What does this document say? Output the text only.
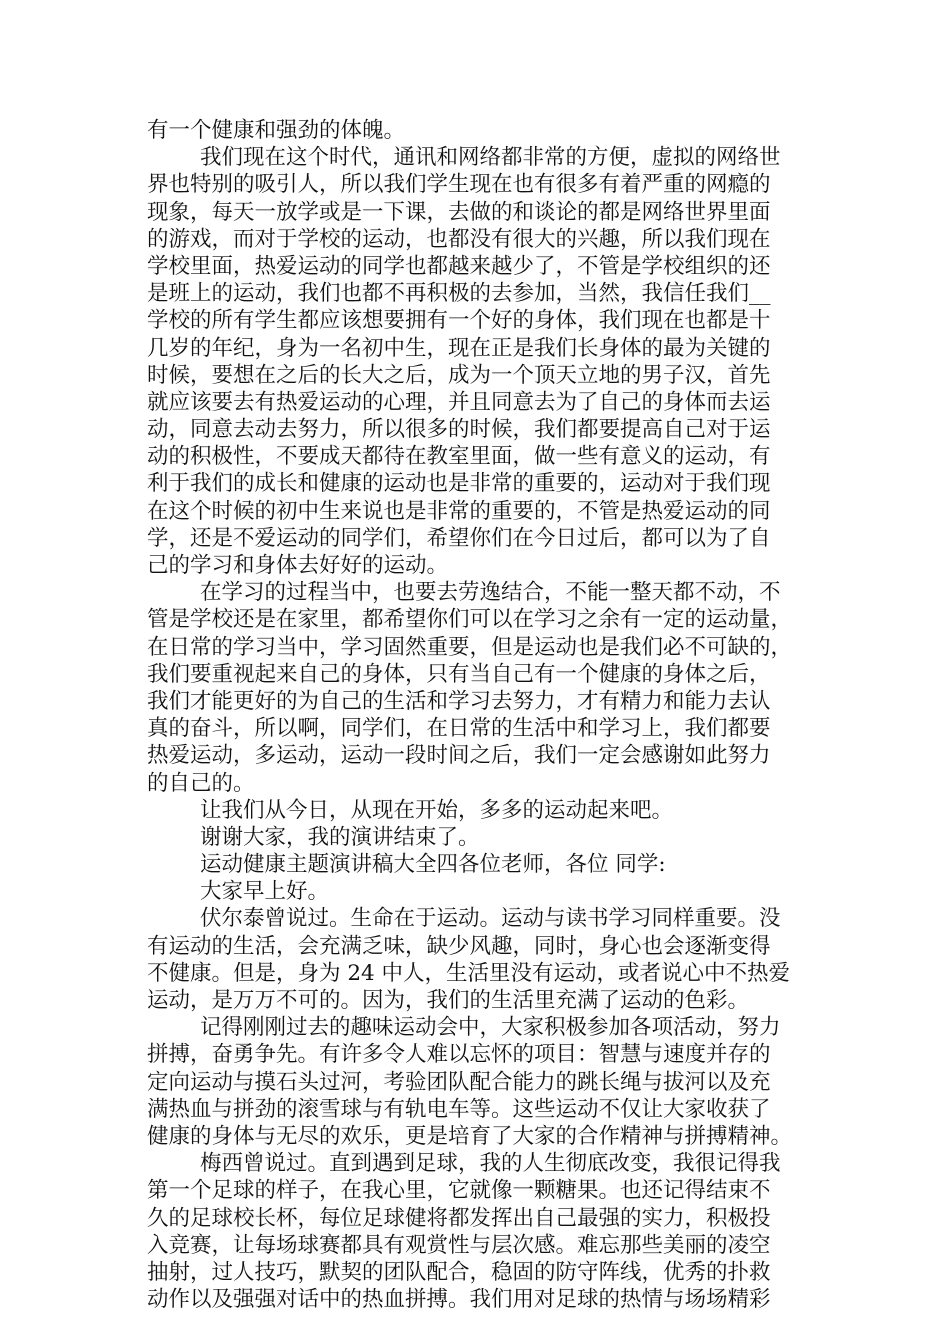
有一个健康和强劲的体魄。
我们现在这个时代，通讯和网络都非常的方便，虚拟的网络世
界也特别的吸引人，所以我们学生现在也有很多有着严重的网瘾的
现象，每天一放学或是一下课，去做的和谈论的都是网络世界里面
的游戏，而对于学校的运动，也都没有很大的兴趣，所以我们现在
学校里面，热爱运动的同学也都越来越少了，不管是学校组织的还
是班上的运动，我们也都不再积极的去参加，当然，我信任我们__
学校的所有学生都应该想要拥有一个好的身体，我们现在也都是十
几岁的年纪，身为一名初中生，现在正是我们长身体的最为关键的
时候，要想在之后的长大之后，成为一个顶天立地的男子汉，首先
就应该要去有热爱运动的心理，并且同意去为了自己的身体而去运
动，同意去动去努力，所以很多的时候，我们都要提高自己对于运
动的积极性，不要成天都待在教室里面，做一些有意义的运动，有
利于我们的成长和健康的运动也是非常的重要的，运动对于我们现
在这个时候的初中生来说也是非常的重要的，不管是热爱运动的同
学，还是不爱运动的同学们，希望你们在今日过后，都可以为了自
己的学习和身体去好好的运动。
在学习的过程当中，也要去劳逸结合，不能一整天都不动，不
管是学校还是在家里，都希望你们可以在学习之余有一定的运动量，
在日常的学习当中，学习固然重要，但是运动也是我们必不可缺的，
我们要重视起来自己的身体，只有当自己有一个健康的身体之后，
我们才能更好的为自己的生活和学习去努力，才有精力和能力去认
真的奋斗，所以啊，同学们，在日常的生活中和学习上，我们都要
热爱运动，多运动，运动一段时间之后，我们一定会感谢如此努力
的自己的。
让我们从今日，从现在开始，多多的运动起来吧。
谢谢大家，我的演讲结束了。
运动健康主题演讲稿大全四各位老师，各位 同学:
大家早上好。
伏尔泰曾说过。生命在于运动。运动与读书学习同样重要。没
有运动的生活，会充满乏味，缺少风趣，同时，身心也会逐渐变得
不健康。但是，身为 24 中人，生活里没有运动，或者说心中不热爱
运动，是万万不可的。因为，我们的生活里充满了运动的色彩。
记得刚刚过去的趣味运动会中，大家积极参加各项活动，努力
拼搏，奋勇争先。有许多令人难以忘怀的项目：智慧与速度并存的
定向运动与摸石头过河，考验团队配合能力的跳长绳与拔河以及充
满热血与拼劲的滚雪球与有轨电车等。这些运动不仅让大家收获了
健康的身体与无尽的欢乐，更是培育了大家的合作精神与拼搏精神。
梅西曾说过。直到遇到足球，我的人生彻底改变，我很记得我
第一个足球的样子，在我心里，它就像一颗糖果。也还记得结束不
久的足球校长杯，每位足球健将都发挥出自己最强的实力，积极投
入竞赛，让每场球赛都具有观赏性与层次感。难忘那些美丽的凌空
抽射，过人技巧，默契的团队配合，稳固的防守阵线，优秀的扑救
动作以及强强对话中的热血拼搏。我们用对足球的热情与场场精彩
